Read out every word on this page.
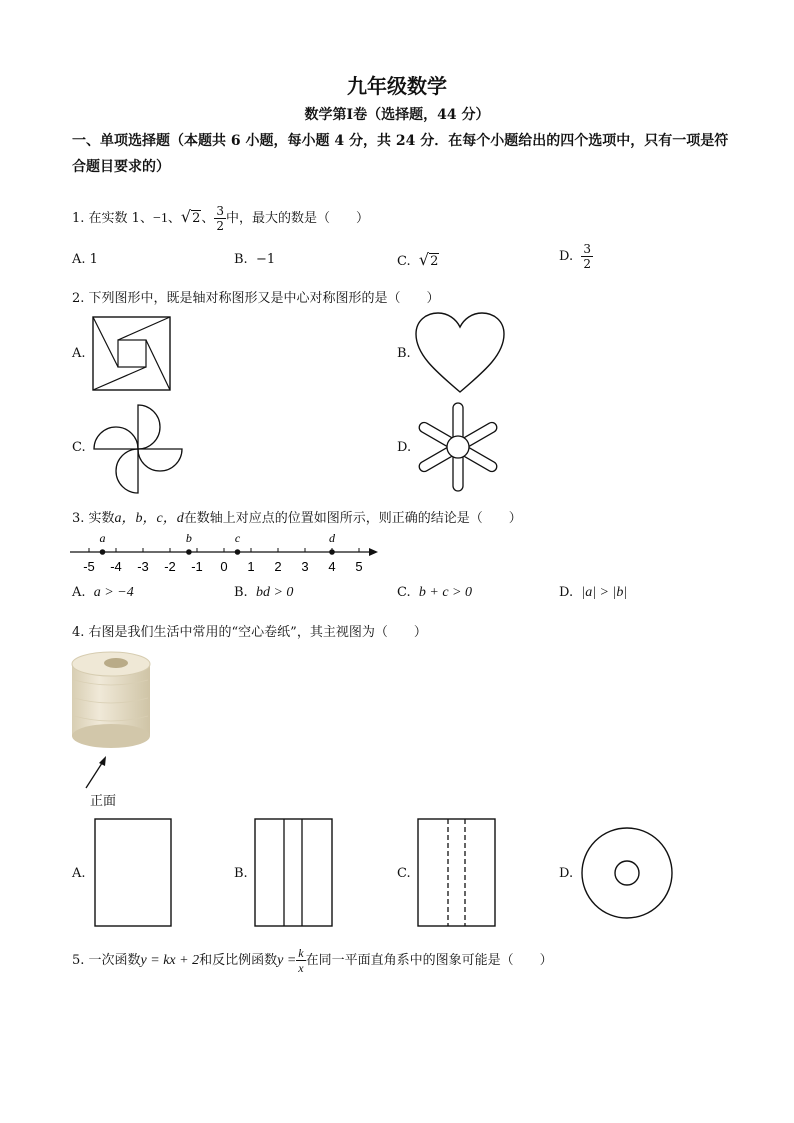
九年级数学
数学第Ⅰ卷（选择题，44 分）
一、单项选择题（本题共 6 小题，每小题 4 分，共 24 分．在每个小题给出的四个选项中，只有一项是符合题目要求的）
1. 在实数 1、−1、√2、 $\frac{3}{2}$ 中，最大的数是（　　）
A. 1	B. −1	C. √2	D. $\frac{3}{2}$
2. 下列图形中，既是轴对称图形又是中心对称图形的是（　　）
A.	B.
C.	D.
3. 实数a，b，c，d在数轴上对应点的位置如图所示，则正确的结论是（　　）
-5 -4 -3 -2 -1 0 1 2 3 4 5
a	b	c	d
A. a > −4	B. bd > 0	C. b + c > 0	D. |a| > |b|
4. 右图是我们生活中常用的“空心卷纸”，其主视图为（　　）
正面
A.	B.	C.	D.
5. 一次函数y = kx + 2和反比例函数$y = \frac{k}{x}$ 在同一平面直角系中的图象可能是（　　）
